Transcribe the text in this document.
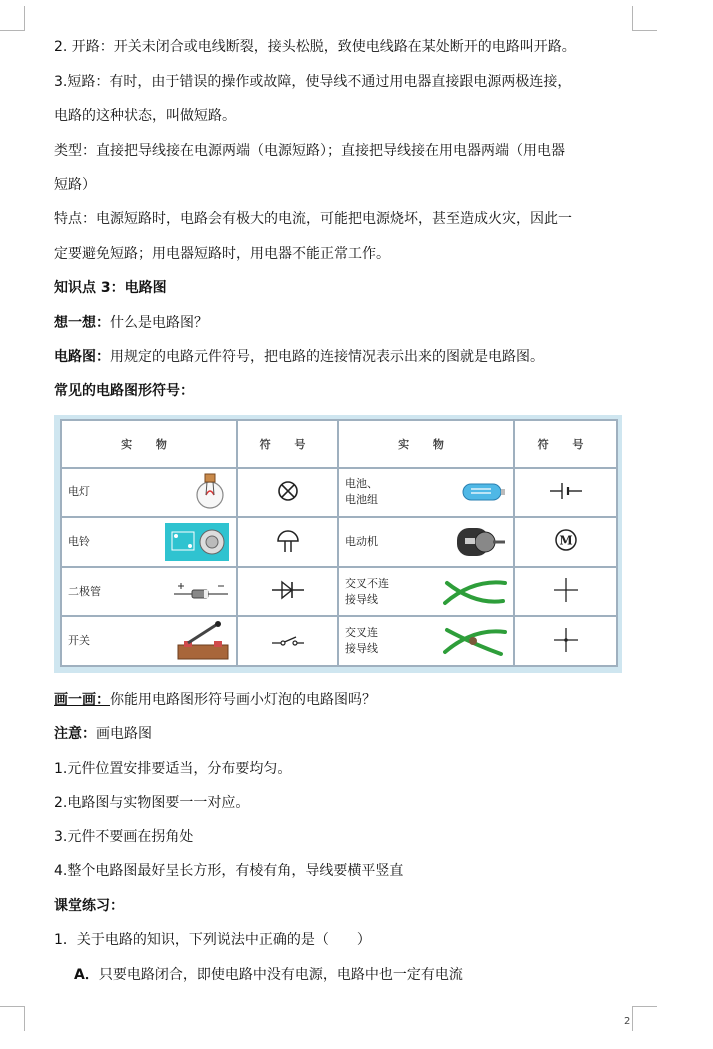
2. 开路：开关未闭合或电线断裂，接头松脱，致使电线路在某处断开的电路叫开路。
3.短路：有时，由于错误的操作或故障，使导线不通过用电器直接跟电源两极连接，
电路的这种状态，叫做短路。
类型：直接把导线接在电源两端（电源短路）；直接把导线接在用电器两端（用电器
短路）
特点：电源短路时，电路会有极大的电流，可能把电源烧坏，甚至造成火灾，因此一
定要避免短路；用电器短路时，用电器不能正常工作。
知识点 3：电路图
想一想：什么是电路图？
电路图：用规定的电路元件符号，把电路的连接情况表示出来的图就是电路图。
常见的电路图形符号：
实 物	符 号	实 物	符 号

电灯		电池、
电池组

电铃		电动机	M

二极管		交叉不连
接导线

开关		交叉连
接导线

画一画：你能用电路图形符号画小灯泡的电路图吗？
注意：画电路图
1.元件位置安排要适当，分布要均匀。
2.电路图与实物图要一一对应。
3.元件不要画在拐角处
4.整个电路图最好呈长方形，有棱有角，导线要横平竖直
课堂练习：
1．关于电路的知识，下列说法中正确的是（　　）
A．只要电路闭合，即使电路中没有电源，电路中也一定有电流
2
